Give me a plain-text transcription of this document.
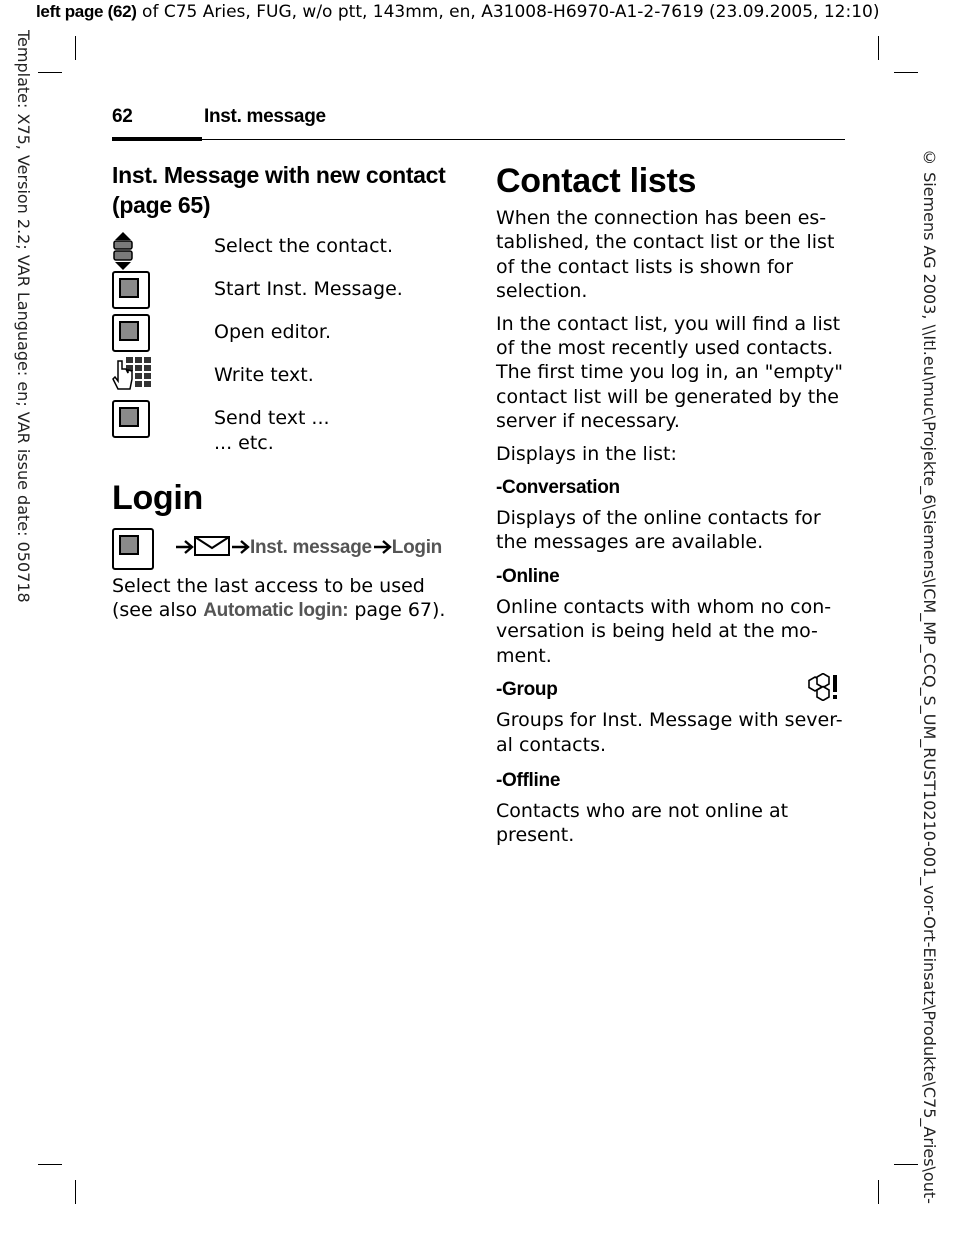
left page (62) of C75 Aries, FUG, w/o ptt, 143mm, en, A31008-H6970-A1-2-7619 (23.09.2005, 12:10)
Template: X75, Version 2.2; VAR Language: en; VAR issue date: 050718	© Siemens AG 2003, \\Itl.eu\muc\Projekte_6\Siemens\ICM_MP_CCQ_S_UM_RUST10210-001_vor-Ort-Einsatz\Produkte\C75_Aries\out-
62	Inst. message
Inst. Message with new contact (page 65)
Select the contact.
Start Inst. Message.
Open editor.
Write text.
Send text ...
... etc.
Login
Inst. message Login

Select the last access to be used (see also Automatic login: page 67).

Contact lists

When the connection has been es-tablished, the contact list or the list of the contact lists is shown for selection.

In the contact list, you will find a list of the most recently used contacts. The first time you log in, an "empty" contact list will be generated by the server if necessary.

Displays in the list:

-Conversation

Displays of the online contacts for the messages are available.

-Online

Online contacts with whom no con-versation is being held at the mo-ment.

-Group

Groups for Inst. Message with sever-al contacts.

-Offline

Contacts who are not online at present.
